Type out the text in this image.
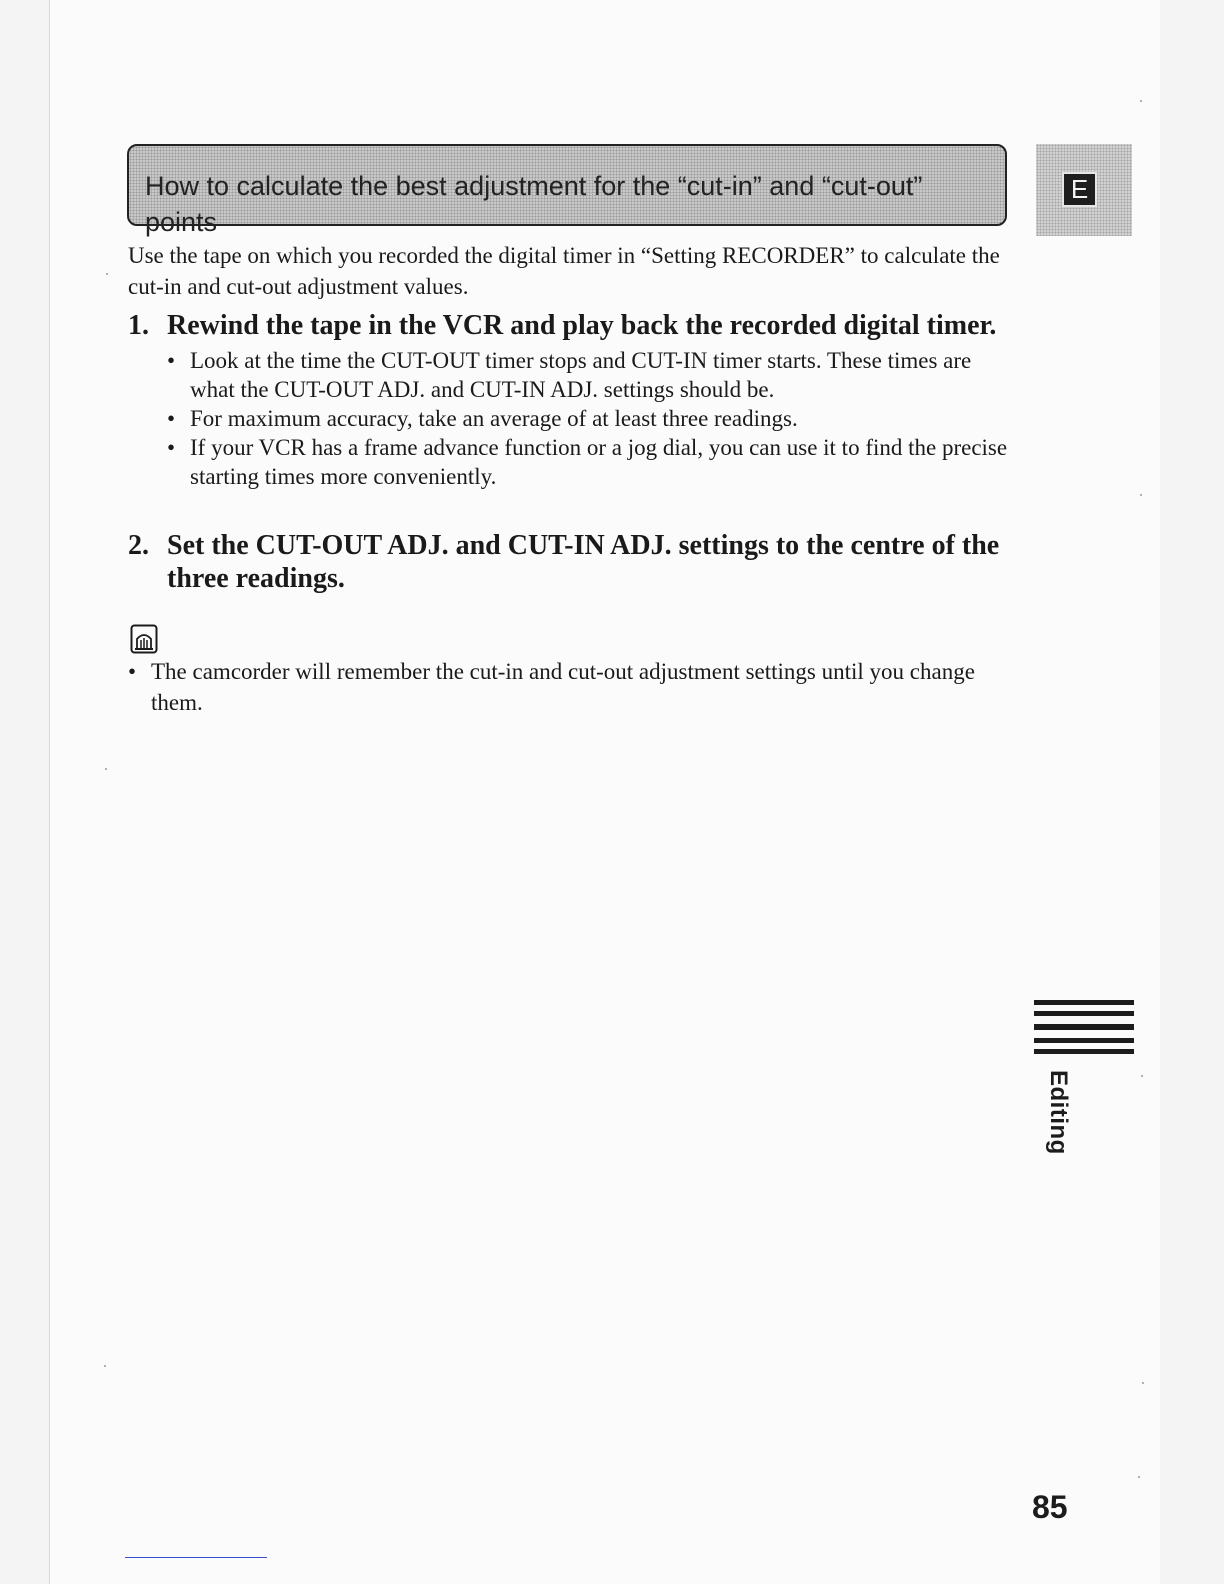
How to calculate the best adjustment for the “cut-in” and “cut-out” points
E

Use the tape on which you recorded the digital timer in “Setting RECORDER” to calculate the cut-in and cut-out adjustment values.

1. Rewind the tape in the VCR and play back the recorded digital timer.

• Look at the time the CUT-OUT timer stops and CUT-IN timer starts. These times are what the CUT-OUT ADJ. and CUT-IN ADJ. settings should be.
• For maximum accuracy, take an average of at least three readings.
• If your VCR has a frame advance function or a jog dial, you can use it to find the precise starting times more conveniently.

2. Set the CUT-OUT ADJ. and CUT-IN ADJ. settings to the centre of the three readings.

• The camcorder will remember the cut-in and cut-out adjustment settings until you change them.
Editing
85
